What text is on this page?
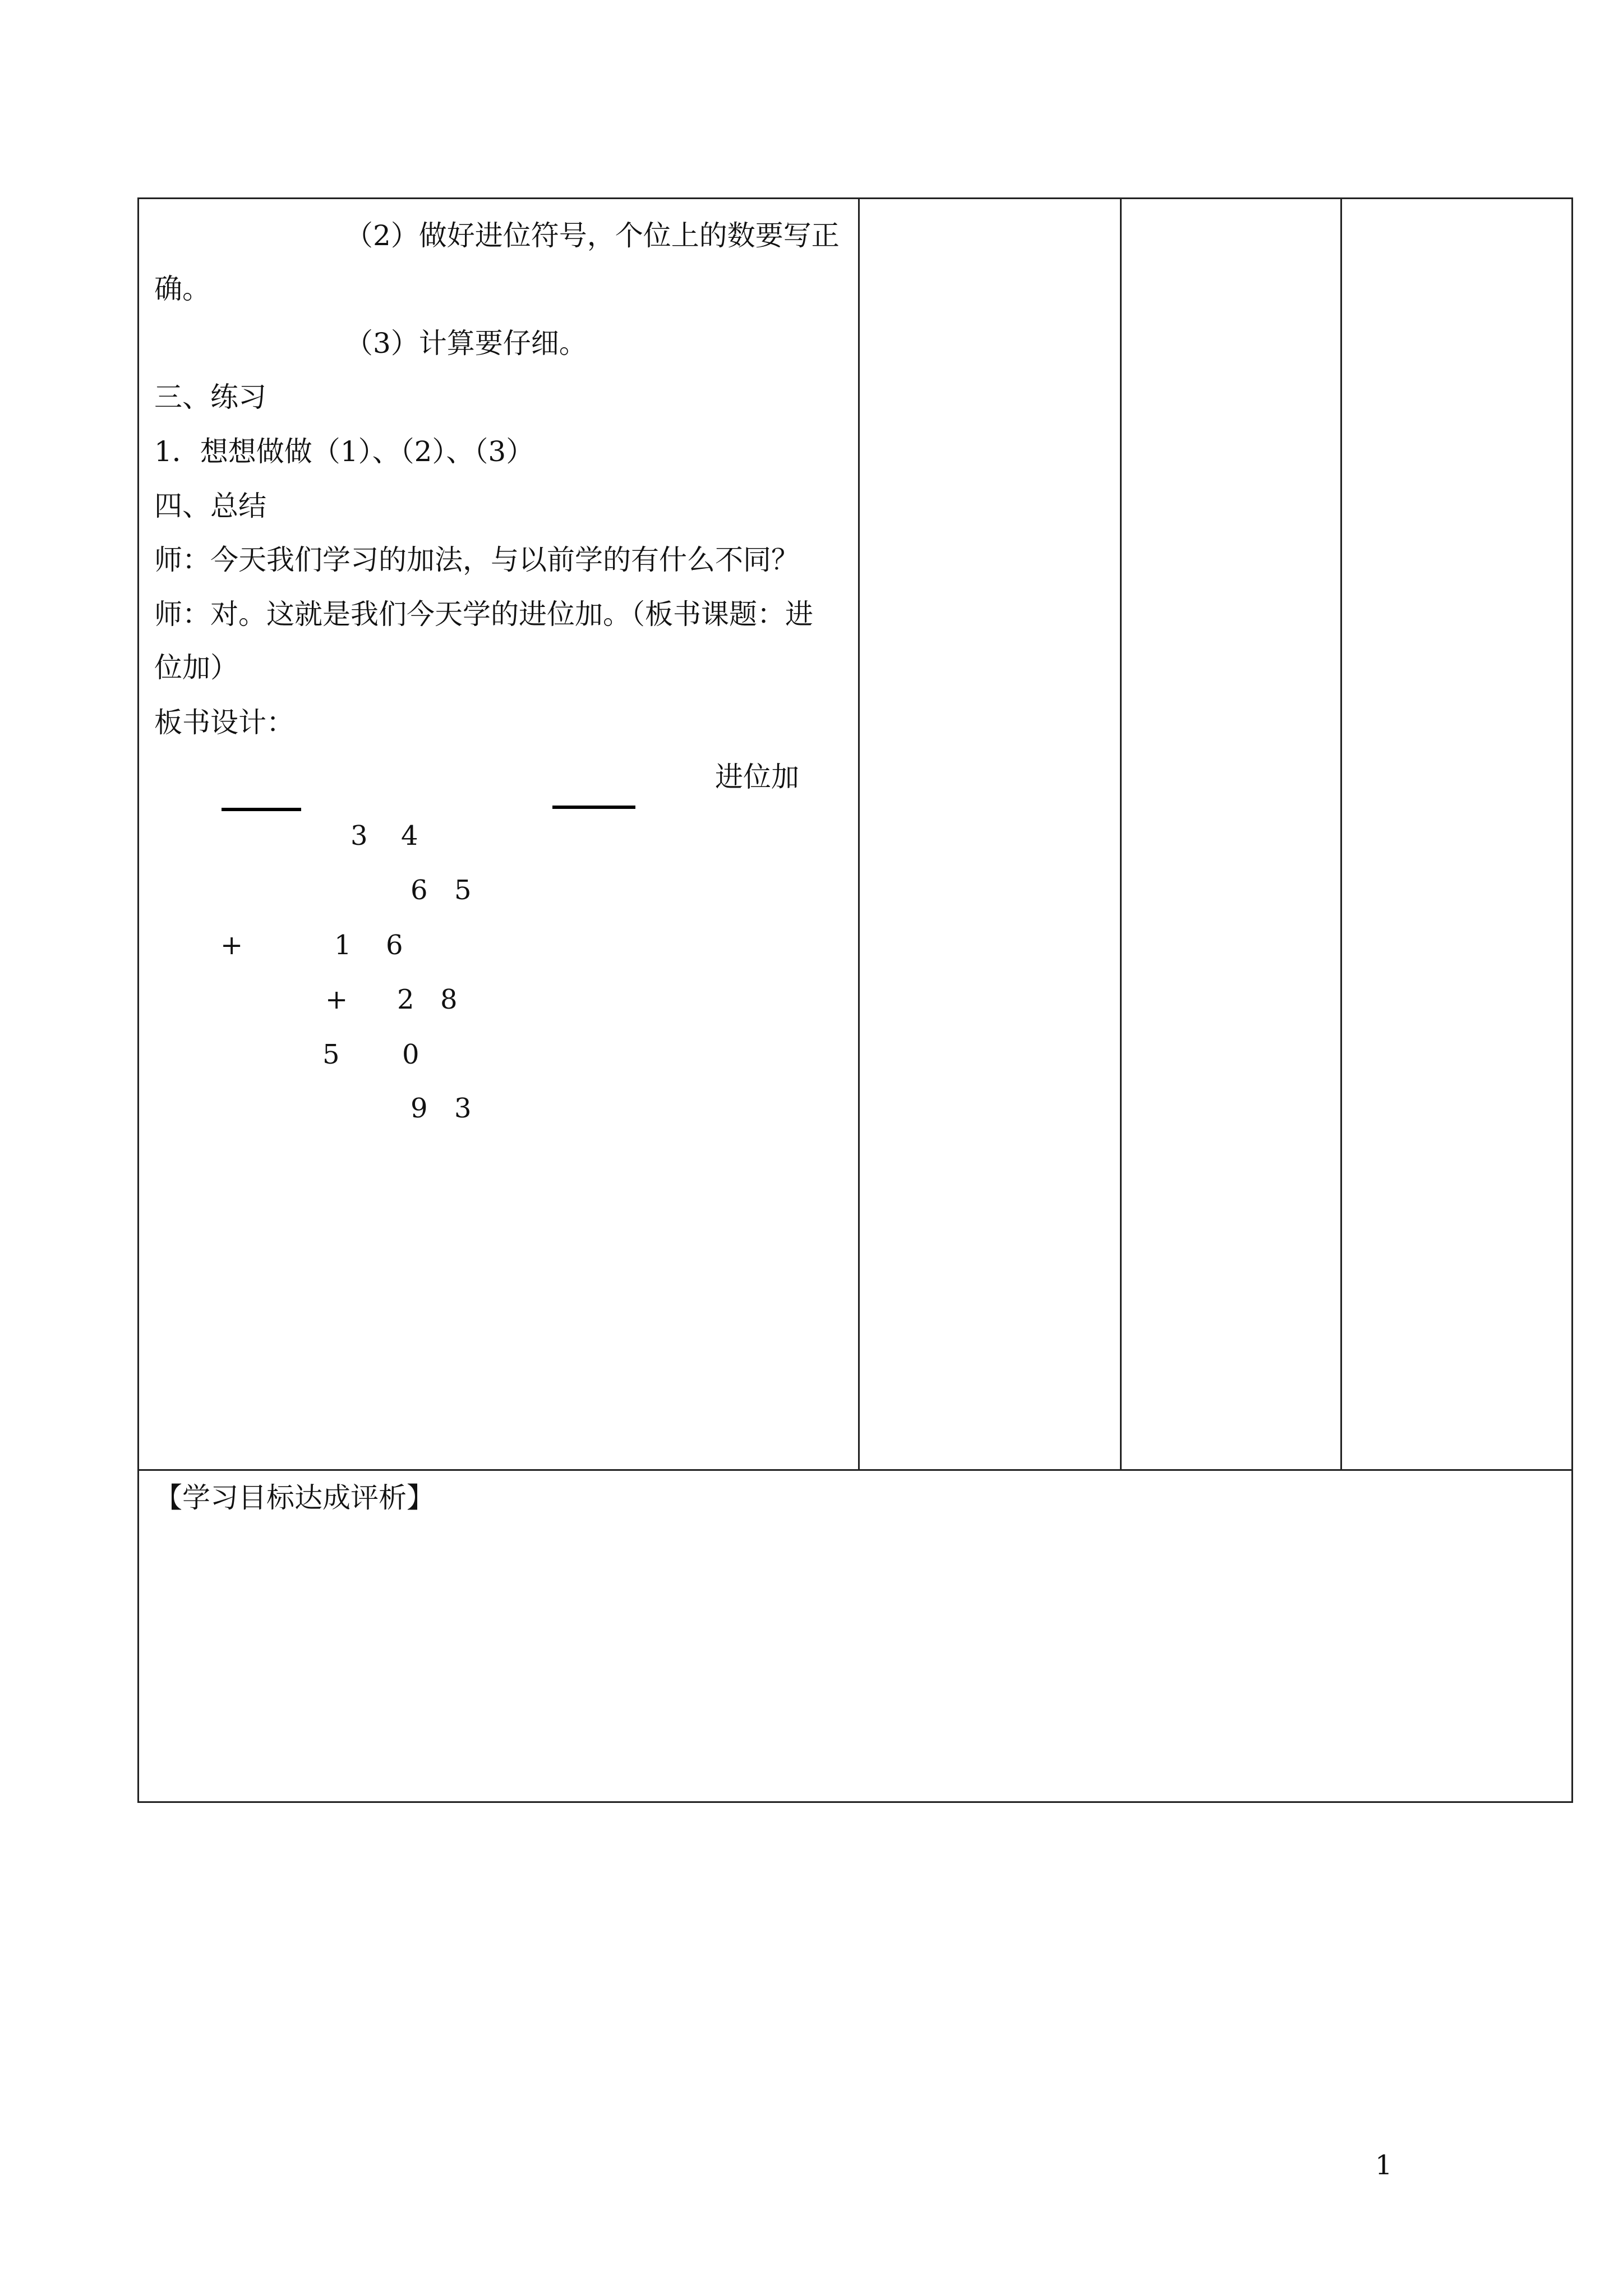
（2）做好进位符号，个位上的数要写正
确。
（3）计算要仔细。
三、练习
1．想想做做（1）、（2）、（3）
四、总结
师：今天我们学习的加法，与以前学的有什么不同？
师：对。这就是我们今天学的进位加。（板书课题：进
位加）
板书设计：
进位加
3 4
+	1 6
5 0
6 5
+ 2 8
9 3
【学习目标达成评析】
1
